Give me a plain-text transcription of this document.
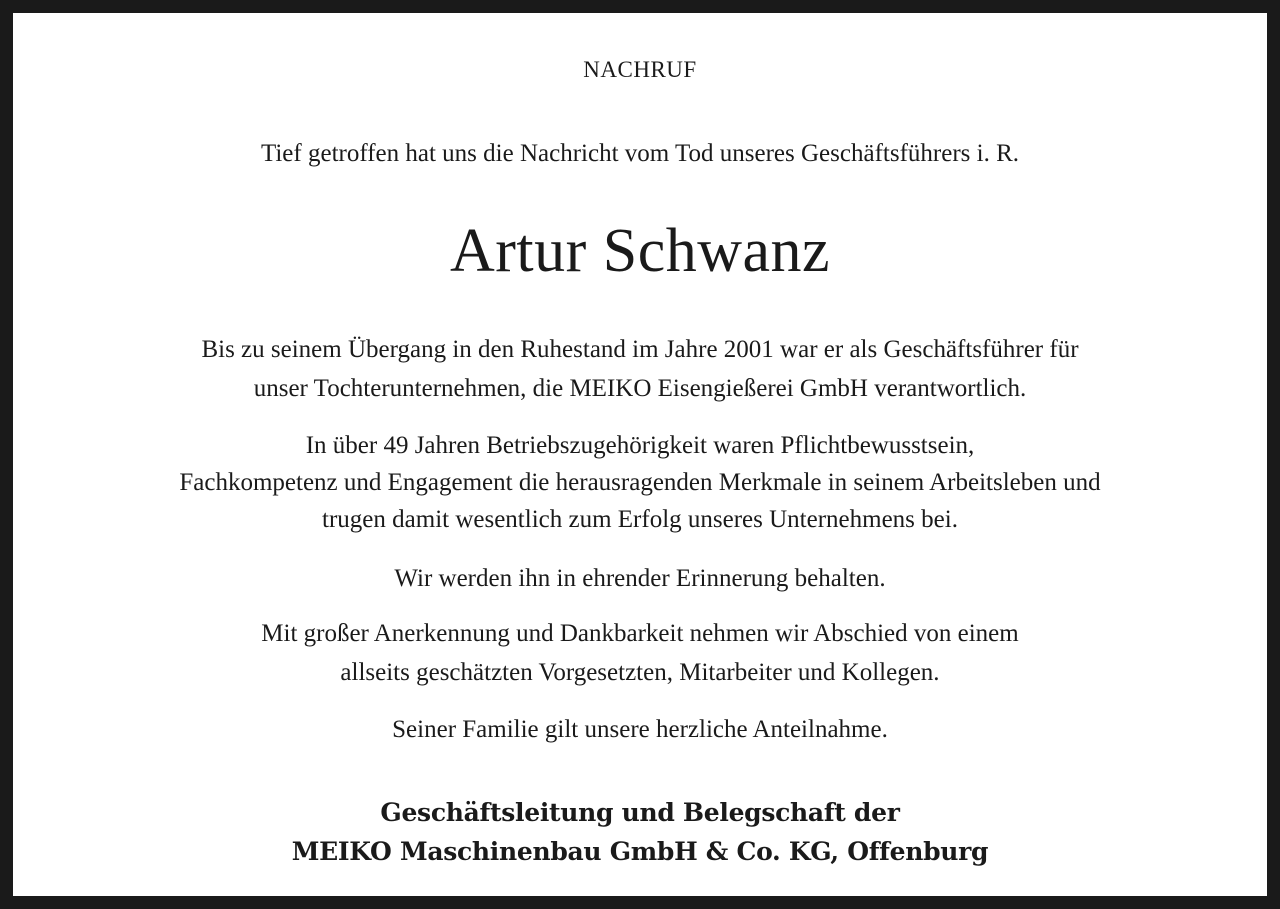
NACHRUF
Tief getroffen hat uns die Nachricht vom Tod unseres Geschäftsführers i. R.
Artur Schwanz
Bis zu seinem Übergang in den Ruhestand im Jahre 2001 war er als Geschäftsführer für
unser Tochterunternehmen, die MEIKO Eisengießerei GmbH verantwortlich.
In über 49 Jahren Betriebszugehörigkeit waren Pflichtbewusstsein,
Fachkompetenz und Engagement die herausragenden Merkmale in seinem Arbeitsleben und
trugen damit wesentlich zum Erfolg unseres Unternehmens bei.
Wir werden ihn in ehrender Erinnerung behalten.
Mit großer Anerkennung und Dankbarkeit nehmen wir Abschied von einem
allseits geschätzten Vorgesetzten, Mitarbeiter und Kollegen.
Seiner Familie gilt unsere herzliche Anteilnahme.
Geschäftsleitung und Belegschaft der
MEIKO Maschinenbau GmbH & Co. KG, Offenburg
